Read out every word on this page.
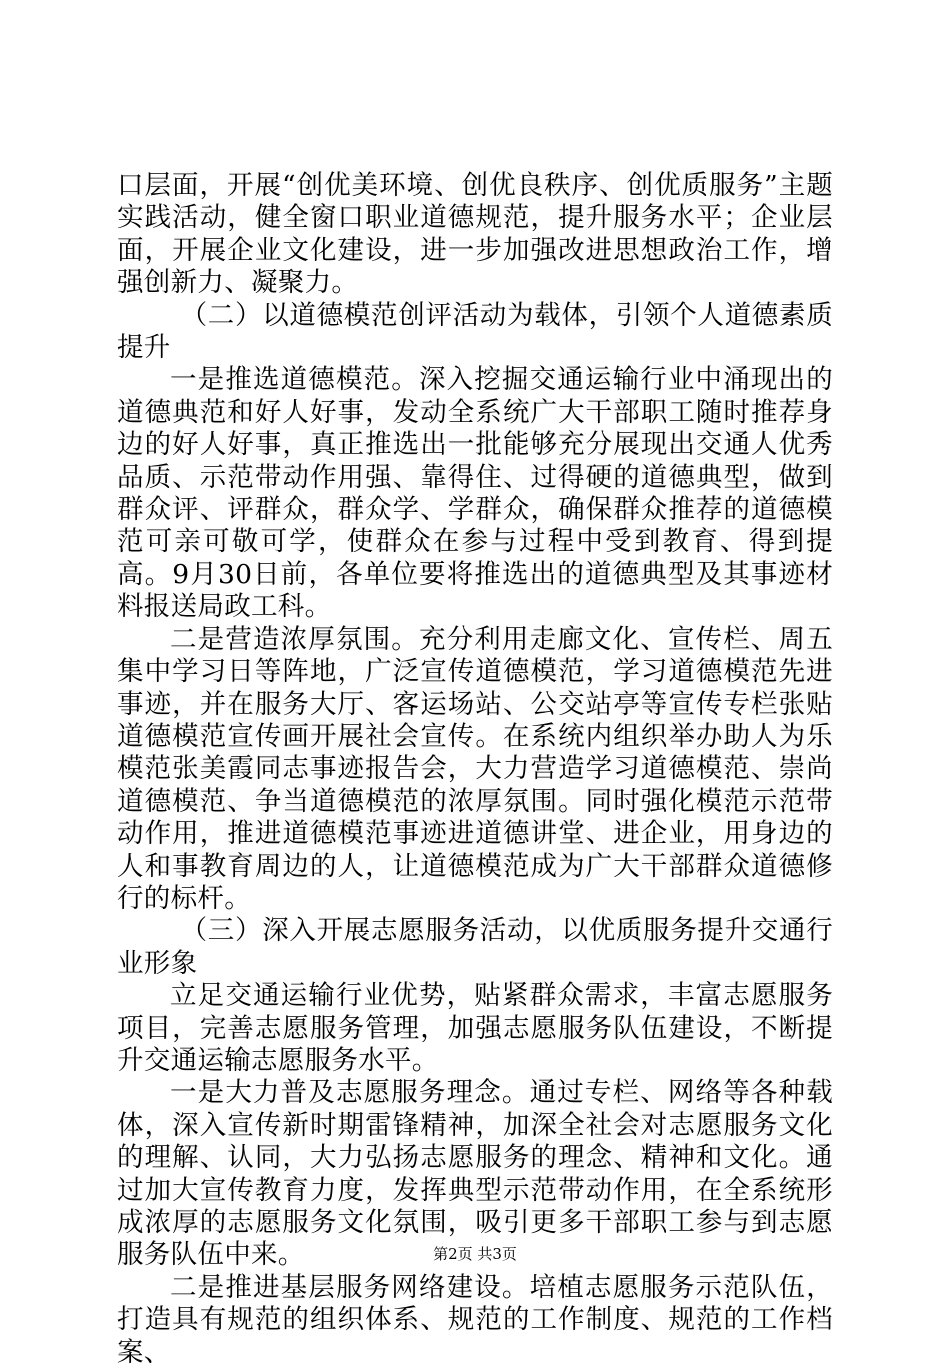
口层面，开展“创优美环境、创优良秩序、创优质服务”主题实践活动，健全窗口职业道德规范，提升服务水平；企业层面，开展企业文化建设，进一步加强改进思想政治工作，增强创新力、凝聚力。

（二）以道德模范创评活动为载体，引领个人道德素质提升

一是推选道德模范。深入挖掘交通运输行业中涌现出的道德典范和好人好事，发动全系统广大干部职工随时推荐身边的好人好事，真正推选出一批能够充分展现出交通人优秀品质、示范带动作用强、靠得住、过得硬的道德典型，做到群众评、评群众，群众学、学群众，确保群众推荐的道德模范可亲可敬可学，使群众在参与过程中受到教育、得到提高。9月30日前，各单位要将推选出的道德典型及其事迹材料报送局政工科。

二是营造浓厚氛围。充分利用走廊文化、宣传栏、周五集中学习日等阵地，广泛宣传道德模范，学习道德模范先进事迹，并在服务大厅、客运场站、公交站亭等宣传专栏张贴道德模范宣传画开展社会宣传。在系统内组织举办助人为乐模范张美霞同志事迹报告会，大力营造学习道德模范、崇尚道德模范、争当道德模范的浓厚氛围。同时强化模范示范带动作用，推进道德模范事迹进道德讲堂、进企业，用身边的人和事教育周边的人，让道德模范成为广大干部群众道德修行的标杆。

（三）深入开展志愿服务活动，以优质服务提升交通行业形象

立足交通运输行业优势，贴紧群众需求，丰富志愿服务项目，完善志愿服务管理，加强志愿服务队伍建设，不断提升交通运输志愿服务水平。

一是大力普及志愿服务理念。通过专栏、网络等各种载体，深入宣传新时期雷锋精神，加深全社会对志愿服务文化的理解、认同，大力弘扬志愿服务的理念、精神和文化。通过加大宣传教育力度，发挥典型示范带动作用，在全系统形成浓厚的志愿服务文化氛围，吸引更多干部职工参与到志愿服务队伍中来。

二是推进基层服务网络建设。培植志愿服务示范队伍，打造具有规范的组织体系、规范的工作制度、规范的工作档案、

第2页 共3页
